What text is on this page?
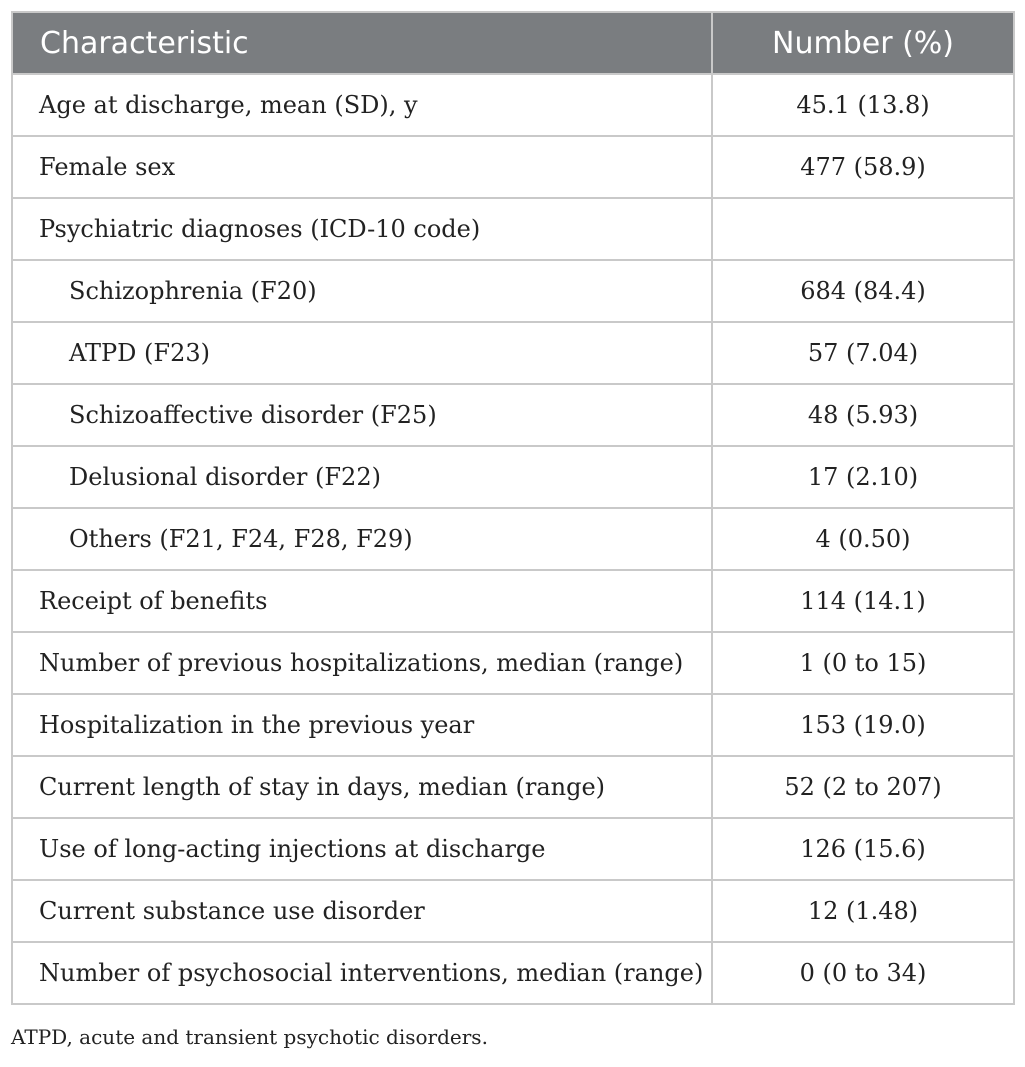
Characteristic	Number (%)
Age at discharge, mean (SD), y	45.1 (13.8)
Female sex	477 (58.9)
Psychiatric diagnoses (ICD-10 code)	
Schizophrenia (F20)	684 (84.4)
ATPD (F23)	57 (7.04)
Schizoaffective disorder (F25)	48 (5.93)
Delusional disorder (F22)	17 (2.10)
Others (F21, F24, F28, F29)	4 (0.50)
Receipt of benefits	114 (14.1)
Number of previous hospitalizations, median (range)	1 (0 to 15)
Hospitalization in the previous year	153 (19.0)
Current length of stay in days, median (range)	52 (2 to 207)
Use of long-acting injections at discharge	126 (15.6)
Current substance use disorder	12 (1.48)
Number of psychosocial interventions, median (range)	0 (0 to 34)
ATPD, acute and transient psychotic disorders.
